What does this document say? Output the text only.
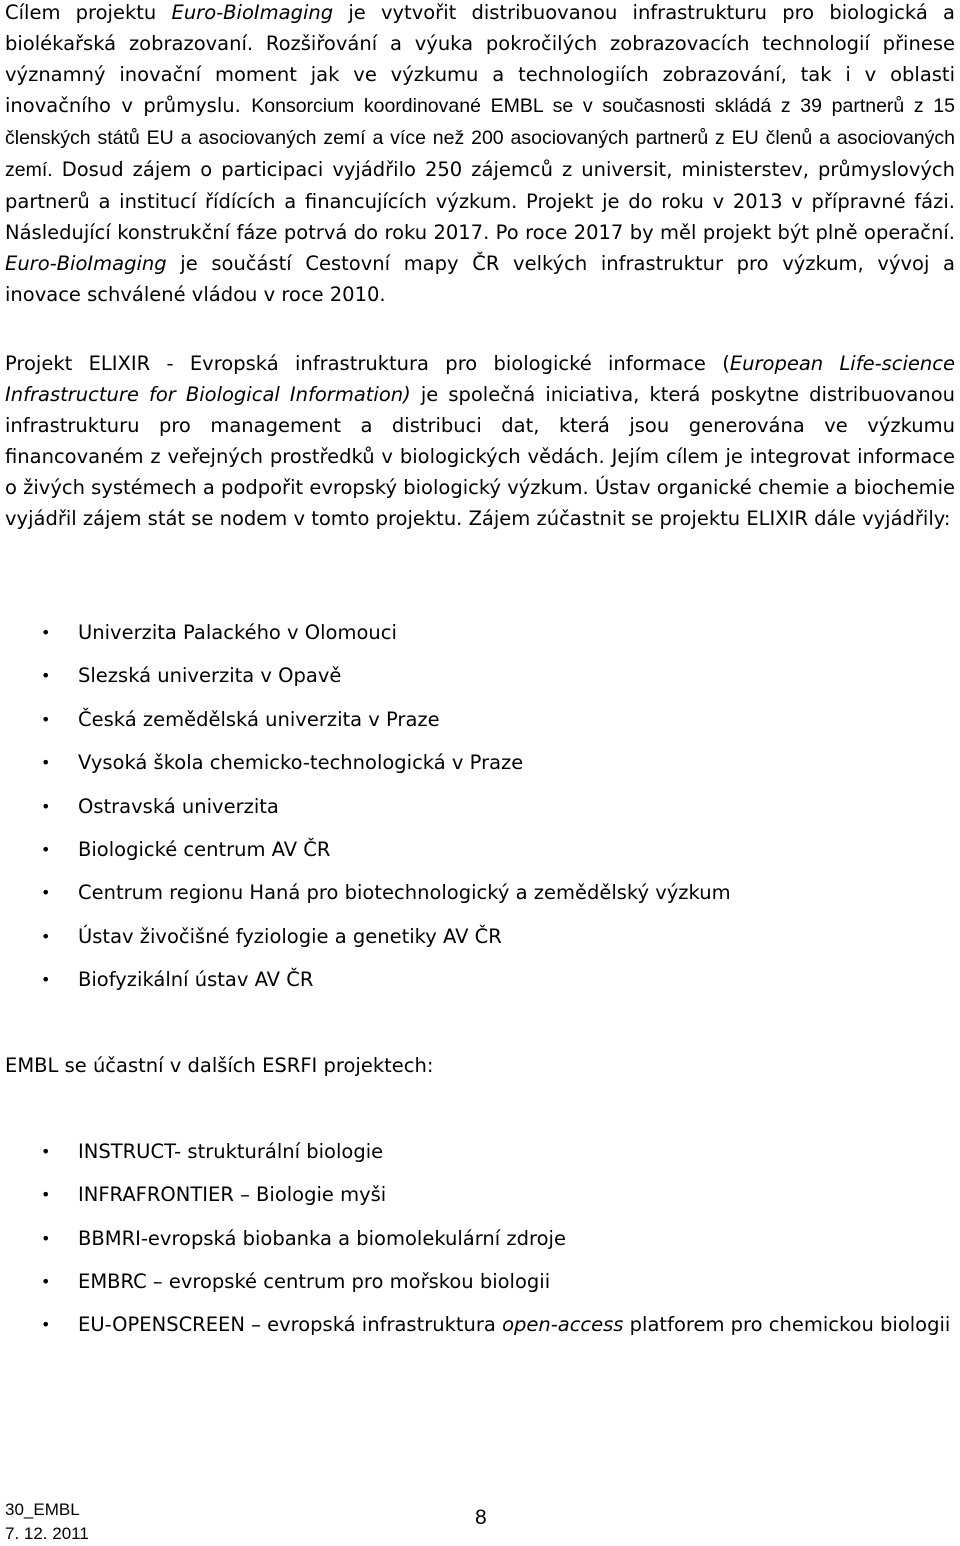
Cílem projektu Euro-BioImaging je vytvořit distribuovanou infrastrukturu pro biologická a biolékařská zobrazovaní. Rozšiřování a výuka pokročilých zobrazovacích technologií přinese významný inovační moment jak ve výzkumu a technologiích zobrazování, tak i v oblasti inovačního v průmyslu. Konsorcium koordinované EMBL se v současnosti skládá z 39 partnerů z 15 členských států EU a asociovaných zemí a více než 200 asociovaných partnerů z EU členů a asociovaných zemí. Dosud zájem o participaci vyjádřilo 250 zájemců z universit, ministerstev, průmyslových partnerů a institucí řídících a financujících výzkum. Projekt je do roku v 2013 v přípravné fázi. Následující konstrukční fáze potrvá do roku 2017. Po roce 2017 by měl projekt být plně operační. Euro-BioImaging je součástí Cestovní mapy ČR velkých infrastruktur pro výzkum, vývoj a inovace schválené vládou v roce 2010.

Projekt ELIXIR - Evropská infrastruktura pro biologické informace (European Life-science Infrastructure for Biological Information) je společná iniciativa, která poskytne distribuovanou infrastrukturu pro management a distribuci dat, která jsou generována ve výzkumu financovaném z veřejných prostředků v biologických vědách. Jejím cílem je integrovat informace o živých systémech a podpořit evropský biologický výzkum. Ústav organické chemie a biochemie vyjádřil zájem stát se nodem v tomto projektu. Zájem zúčastnit se projektu ELIXIR dále vyjádřily:

• Univerzita Palackého v Olomouci
• Slezská univerzita v Opavě
• Česká zemědělská univerzita v Praze
• Vysoká škola chemicko-technologická v Praze
• Ostravská univerzita
• Biologické centrum AV ČR
• Centrum regionu Haná pro biotechnologický a zemědělský výzkum
• Ústav živočišné fyziologie a genetiky AV ČR
• Biofyzikální ústav AV ČR

EMBL se účastní v dalších ESRFI projektech:

• INSTRUCT- strukturální biologie
• INFRAFRONTIER – Biologie myši
• BBMRI-evropská biobanka a biomolekulární zdroje
• EMBRC – evropské centrum pro mořskou biologii
• EU-OPENSCREEN – evropská infrastruktura open-access platforem pro chemickou biologii
30_EMBL
7. 12. 2011
8
